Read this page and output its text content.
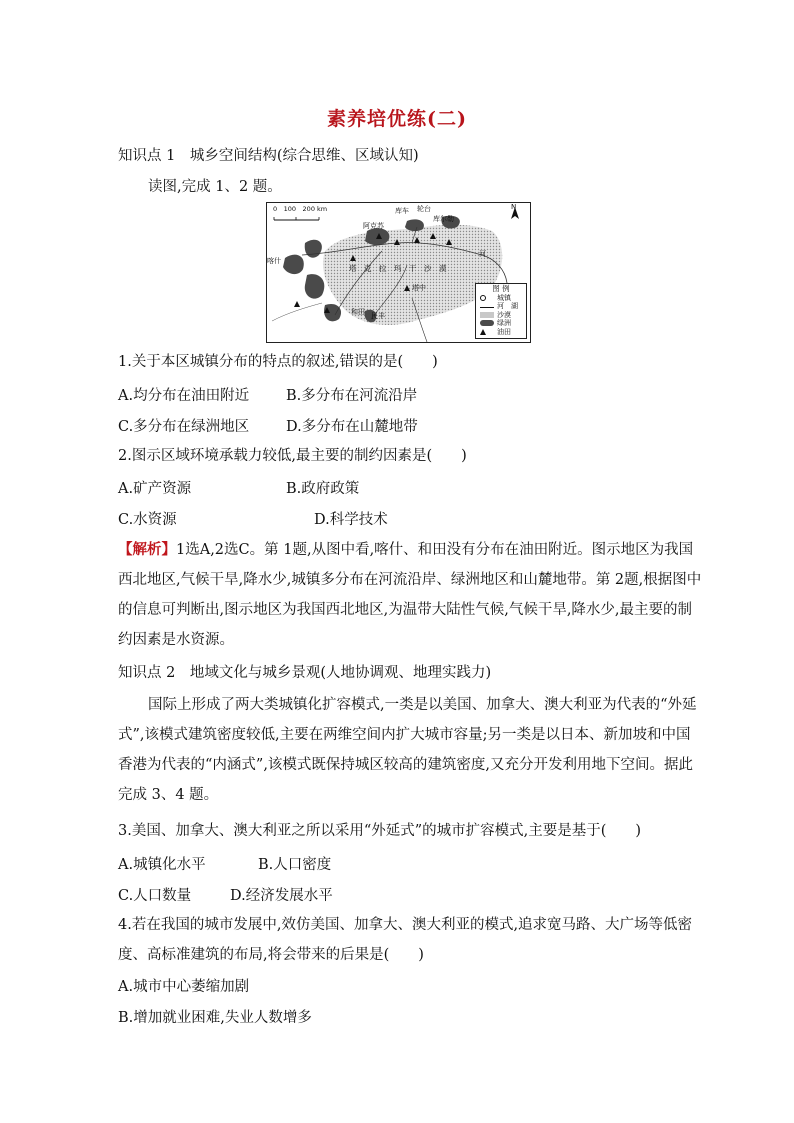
素养培优练(二)
知识点 1　城乡空间结构(综合思维、区域认知)
读图,完成 1、2 题。
0　100　200 km	N
库车 轮台
库尔勒
阿克苏
喀什
塔中
和田 民丰
河
塔　克　拉　玛　干　沙　漠
图 例
城镇
河　湖
沙漠
绿洲
油田
1.关于本区城镇分布的特点的叙述,错误的是(　　)
A.均分布在油田附近	B.多分布在河流沿岸
C.多分布在绿洲地区	D.多分布在山麓地带
2.图示区域环境承载力较低,最主要的制约因素是(　　)
A.矿产资源	B.政府政策
C.水资源	D.科学技术
【解析】1选A,2选C。第 1题,从图中看,喀什、和田没有分布在油田附近。图示地区为我国西北地区,气候干旱,降水少,城镇多分布在河流沿岸、绿洲地区和山麓地带。第 2题,根据图中的信息可判断出,图示地区为我国西北地区,为温带大陆性气候,气候干旱,降水少,最主要的制约因素是水资源。
知识点 2　地域文化与城乡景观(人地协调观、地理实践力)
国际上形成了两大类城镇化扩容模式,一类是以美国、加拿大、澳大利亚为代表的“外延式”,该模式建筑密度较低,主要在两维空间内扩大城市容量;另一类是以日本、新加坡和中国香港为代表的“内涵式”,该模式既保持城区较高的建筑密度,又充分开发利用地下空间。据此完成 3、4 题。
3.美国、加拿大、澳大利亚之所以采用“外延式”的城市扩容模式,主要是基于(　　)
A.城镇化水平	B.人口密度
C.人口数量	D.经济发展水平
4.若在我国的城市发展中,效仿美国、加拿大、澳大利亚的模式,追求宽马路、大广场等低密度、高标准建筑的布局,将会带来的后果是(　　)
A.城市中心萎缩加剧
B.增加就业困难,失业人数增多
